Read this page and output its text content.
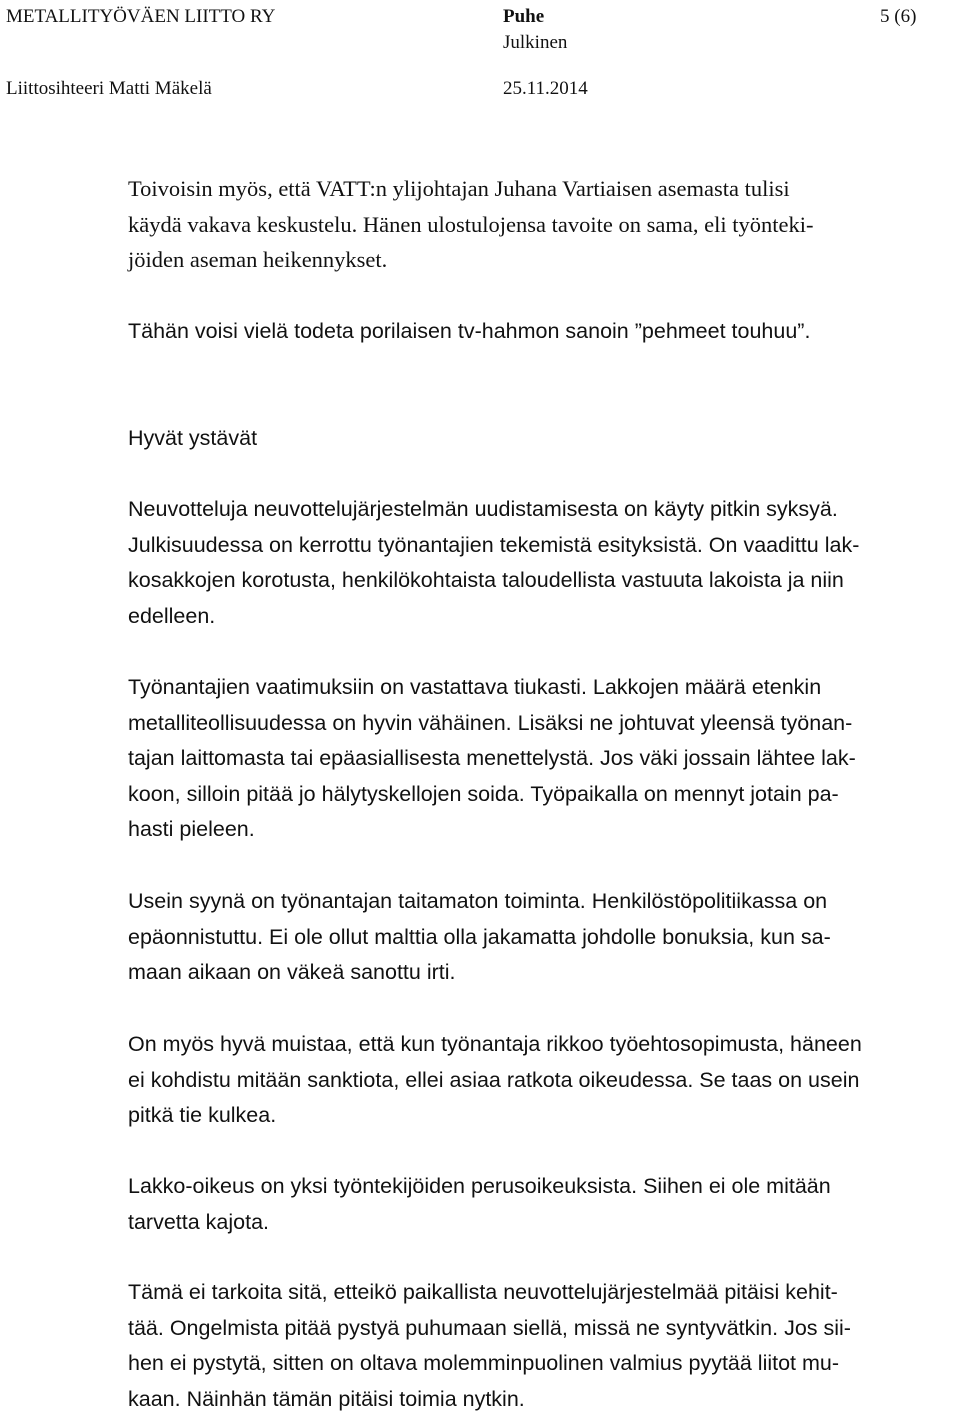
METALLITYÖVÄEN LIITTO RY	Puhe	5 (6)
Julkinen
Liittosihteeri Matti Mäkelä	25.11.2014
Toivoisin myös, että VATT:n ylijohtajan Juhana Vartiaisen asemasta tulisi
käydä vakava keskustelu. Hänen ulostulojensa tavoite on sama, eli työnteki-
jöiden aseman heikennykset.
Tähän voisi vielä todeta porilaisen tv-hahmon sanoin ”pehmeet touhuu”.
Hyvät ystävät
Neuvotteluja neuvottelujärjestelmän uudistamisesta on käyty pitkin syksyä.
Julkisuudessa on kerrottu työnantajien tekemistä esityksistä. On vaadittu lak-
kosakkojen korotusta, henkilökohtaista taloudellista vastuuta lakoista ja niin
edelleen.
Työnantajien vaatimuksiin on vastattava tiukasti. Lakkojen määrä etenkin
metalliteollisuudessa on hyvin vähäinen. Lisäksi ne johtuvat yleensä työnan-
tajan laittomasta tai epäasiallisesta menettelystä. Jos väki jossain lähtee lak-
koon, silloin pitää jo hälytyskellojen soida. Työpaikalla on mennyt jotain pa-
hasti pieleen.
Usein syynä on työnantajan taitamaton toiminta. Henkilöstöpolitiikassa on
epäonnistuttu. Ei ole ollut malttia olla jakamatta johdolle bonuksia, kun sa-
maan aikaan on väkeä sanottu irti.
On myös hyvä muistaa, että kun työnantaja rikkoo työehtosopimusta, häneen
ei kohdistu mitään sanktiota, ellei asiaa ratkota oikeudessa. Se taas on usein
pitkä tie kulkea.
Lakko-oikeus on yksi työntekijöiden perusoikeuksista. Siihen ei ole mitään
tarvetta kajota.
Tämä ei tarkoita sitä, etteikö paikallista neuvottelujärjestelmää pitäisi kehit-
tää. Ongelmista pitää pystyä puhumaan siellä, missä ne syntyvätkin. Jos sii-
hen ei pystytä, sitten on oltava molemminpuolinen valmius pyytää liitot mu-
kaan. Näinhän tämän pitäisi toimia nytkin.
